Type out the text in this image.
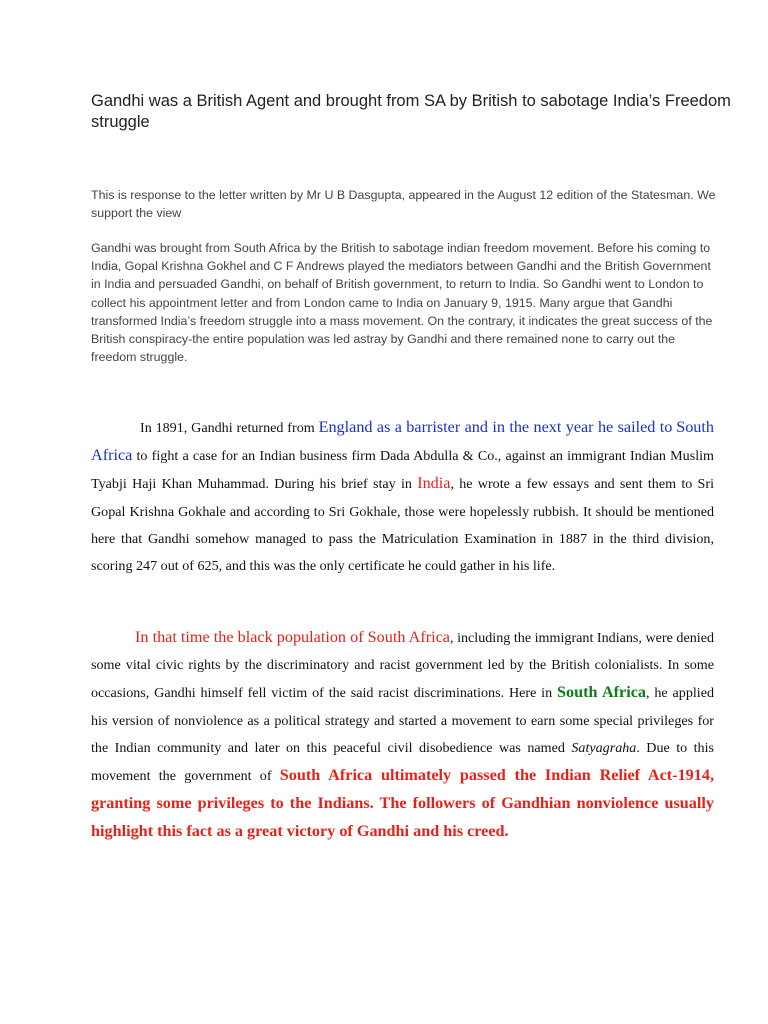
Gandhi was a British Agent and brought from SA by British to sabotage India’s Freedom struggle

This is response to the letter written by Mr U B Dasgupta, appeared in the August 12 edition of the Statesman. We support the view

Gandhi was brought from South Africa by the British to sabotage indian freedom movement. Before his coming to India, Gopal Krishna Gokhel and C F Andrews played the mediators between Gandhi and the British Government in India and persuaded Gandhi, on behalf of British government, to return to India. So Gandhi went to London to collect his appointment letter and from London came to India on January 9, 1915. Many argue that Gandhi transformed India’s freedom struggle into a mass movement. On the contrary, it indicates the great success of the British conspiracy-the entire population was led astray by Gandhi and there remained none to carry out the freedom struggle.

In 1891, Gandhi returned from England as a barrister and in the next year he sailed to South Africa to fight a case for an Indian business firm Dada Abdulla & Co., against an immigrant Indian Muslim Tyabji Haji Khan Muhammad. During his brief stay in India, he wrote a few essays and sent them to Sri Gopal Krishna Gokhale and according to Sri Gokhale, those were hopelessly rubbish. It should be mentioned here that Gandhi somehow managed to pass the Matriculation Examination in 1887 in the third division, scoring 247 out of 625, and this was the only certificate he could gather in his life.

In that time the black population of South Africa, including the immigrant Indians, were denied some vital civic rights by the discriminatory and racist government led by the British colonialists. In some occasions, Gandhi himself fell victim of the said racist discriminations. Here in South Africa, he applied his version of nonviolence as a political strategy and started a movement to earn some special privileges for the Indian community and later on this peaceful civil disobedience was named Satyagraha. Due to this movement the government of South Africa ultimately passed the Indian Relief Act-1914, granting some privileges to the Indians. The followers of Gandhian nonviolence usually highlight this fact as a great victory of Gandhi and his creed.
